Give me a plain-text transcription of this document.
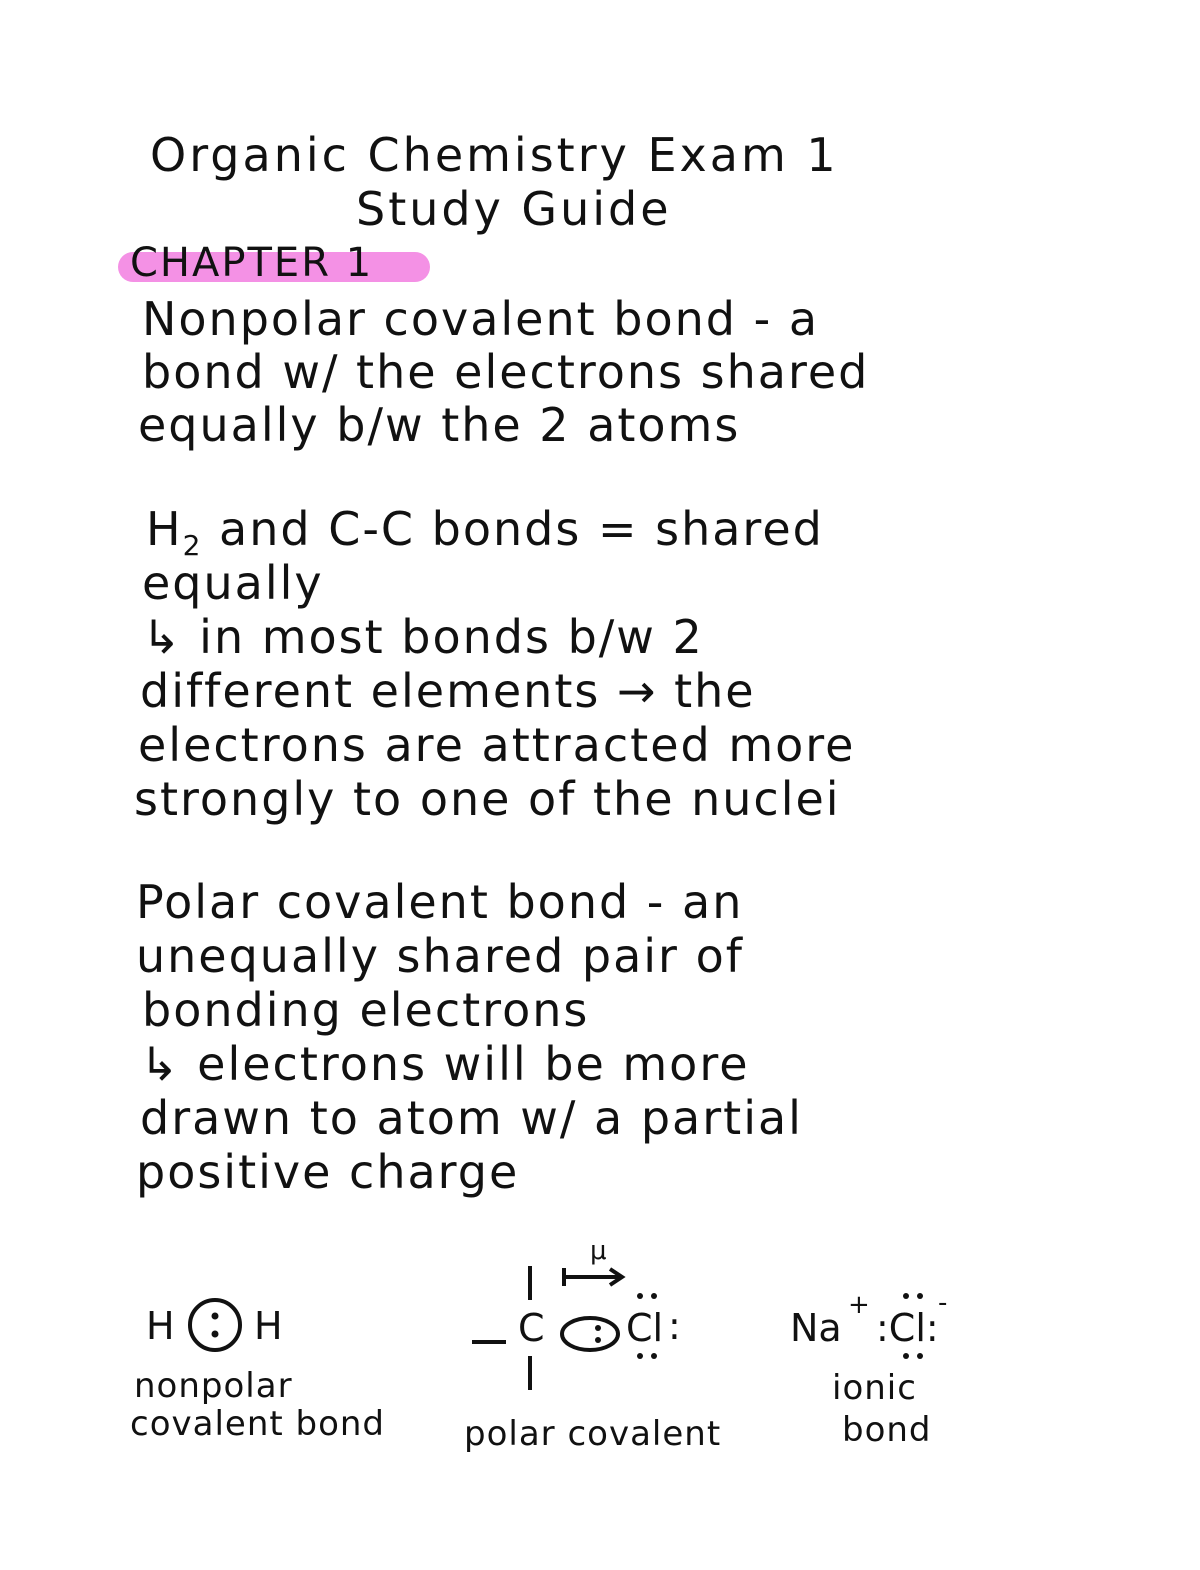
Organic Chemistry Exam 1
Study Guide
CHAPTER 1
Nonpolar covalent bond - a
bond w/ the electrons shared
equally b/w the 2 atoms
$H_2$ and C-C bonds = shared
equally
↳ in most bonds b/w 2
different elements → the
electrons are attracted more
strongly to one of the nuclei
Polar covalent bond - an
unequally shared pair of
bonding electrons
↳ electrons will be more
drawn to atom w/ a partial
positive charge
H H
nonpolar
covalent bond
μ
C Cl :
polar covalent
Na
+
:Cl:
-
ionic
bond
